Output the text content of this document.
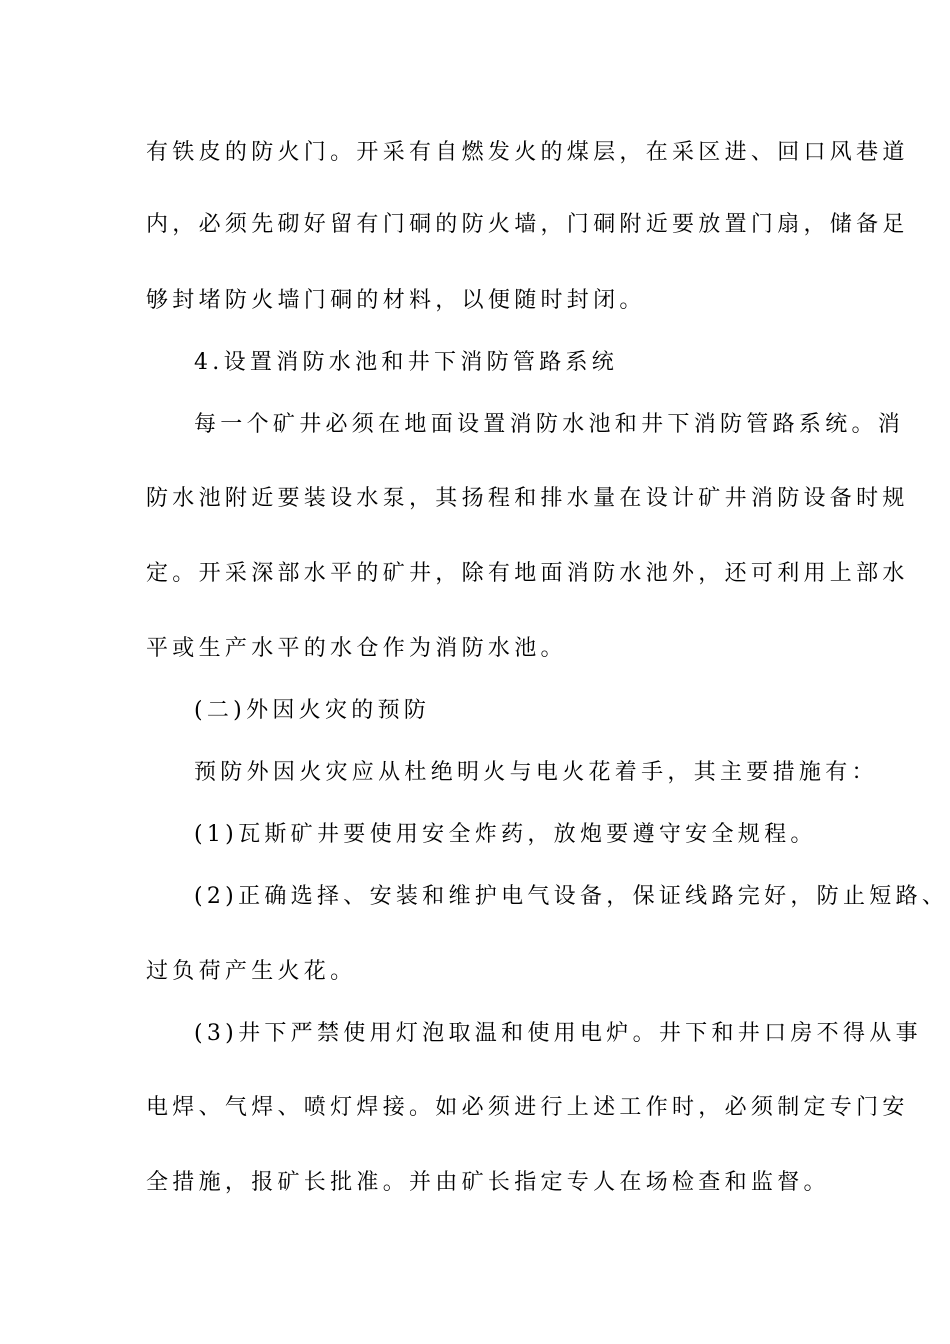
有铁皮的防火门。开采有自燃发火的煤层，在采区进、回口风巷道
内，必须先砌好留有门硐的防火墙，门硐附近要放置门扇，储备足
够封堵防火墙门硐的材料，以便随时封闭。
4.设置消防水池和井下消防管路系统
每一个矿井必须在地面设置消防水池和井下消防管路系统。消
防水池附近要装设水泵，其扬程和排水量在设计矿井消防设备时规
定。开采深部水平的矿井，除有地面消防水池外，还可利用上部水
平或生产水平的水仓作为消防水池。
(二)外因火灾的预防
预防外因火灾应从杜绝明火与电火花着手，其主要措施有：
(1)瓦斯矿井要使用安全炸药，放炮要遵守安全规程。
(2)正确选择、安装和维护电气设备，保证线路完好，防止短路、
过负荷产生火花。
(3)井下严禁使用灯泡取温和使用电炉。井下和井口房不得从事
电焊、气焊、喷灯焊接。如必须进行上述工作时，必须制定专门安
全措施，报矿长批准。并由矿长指定专人在场检查和监督。
